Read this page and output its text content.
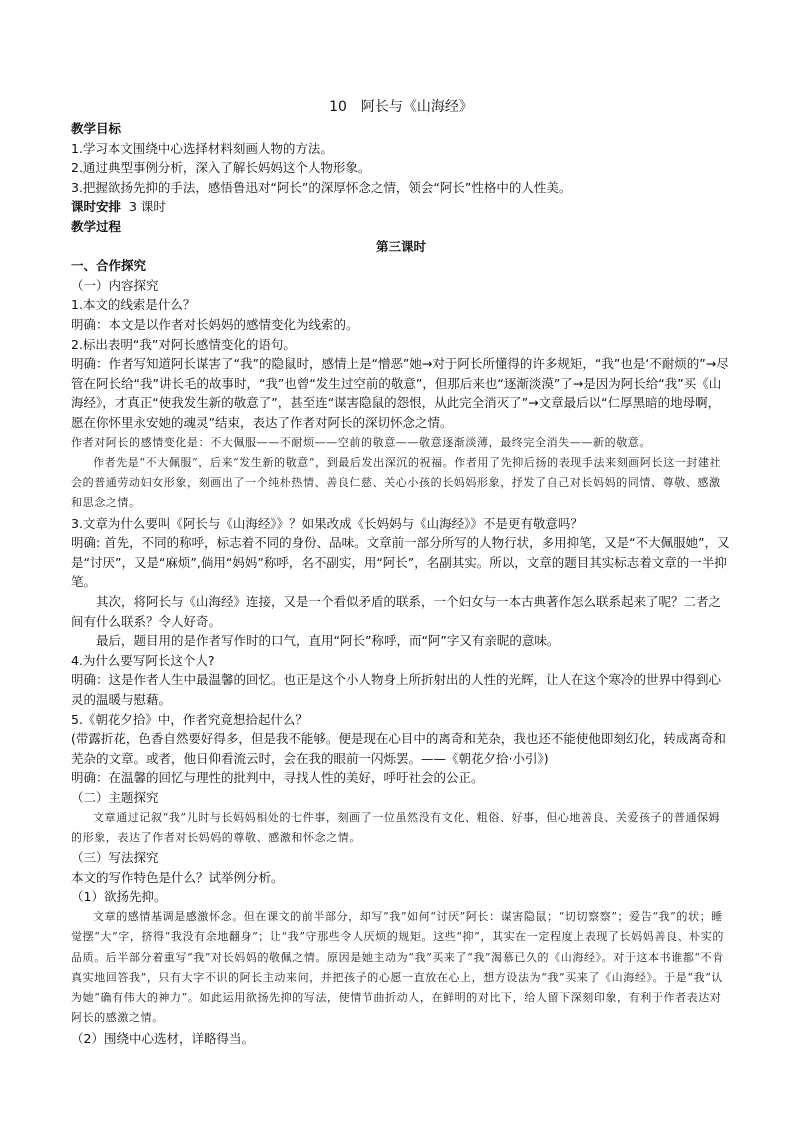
10 阿长与《山海经》

教学目标

1.学习本文围绕中心选择材料刻画人物的方法。

2.通过典型事例分析，深入了解长妈妈这个人物形象。

3.把握欲扬先抑的手法，感悟鲁迅对“阿长”的深厚怀念之情，领会“阿长”性格中的人性美。

课时安排 3 课时

教学过程

第三课时

一、合作探究

（一）内容探究

1.本文的线索是什么？

明确：本文是以作者对长妈妈的感情变化为线索的。

2.标出表明“我”对阿长感情变化的语句。

明确：作者写知道阿长谋害了“我”的隐鼠时，感情上是“憎恶”她→对于阿长所懂得的许多规矩，“我”也是‘不耐烦的”→尽管在阿长给“我”讲长毛的故事时，“我”也曾“发生过空前的敬意”，但那后来也“逐渐淡漠”了→是因为阿长给“我”买《山海经》，才真正“使我发生新的敬意了”，甚至连“谋害隐鼠的怨恨，从此完全消灭了”→文章最后以“仁厚黑暗的地母啊，愿在你怀里永安她的魂灵”结束，表达了作者对阿长的深切怀念之情。

作者对阿长的感情变化是：不大佩服——不耐烦——空前的敬意——敬意逐渐淡薄，最终完全消失——新的敬意。

作者先是“不大佩服”，后来“发生新的敬意”，到最后发出深沉的祝福。作者用了先抑后扬的表现手法来刻画阿长这一封建社会的普通劳动妇女形象，刻画出了一个纯朴热情、善良仁慈、关心小孩的长妈妈形象，抒发了自己对长妈妈的同情、尊敬、感激和思念之情。

3.文章为什么要叫《阿长与《山海经》》？如果改成《长妈妈与《山海经》》不是更有敬意吗？

明确: 首先，不同的称呼，标志着不同的身份、品味。文章前一部分所写的人物行状，多用抑笔，又是“不大佩服她”，又是“讨厌”，又是“麻烦”,倘用“妈妈”称呼，名不副实，用“阿长”，名副其实。所以，文章的题目其实标志着文章的一半抑笔。

其次，将阿长与《山海经》连接，又是一个看似矛盾的联系，一个妇女与一本古典著作怎么联系起来了呢？二者之间有什么联系？令人好奇。

最后，题目用的是作者写作时的口气，直用“阿长”称呼，而“阿”字又有亲昵的意味。

4.为什么要写阿长这个人?

明确：这是作者人生中最温馨的回忆。也正是这个小人物身上所折射出的人性的光辉，让人在这个寒冷的世界中得到心灵的温暖与慰藉。

5.《朝花夕拾》中，作者究竟想拾起什么？

(带露折花，色香自然要好得多，但是我不能够。便是现在心目中的离奇和芜杂，我也还不能使他即刻幻化，转成离奇和芜杂的文章。或者，他日仰看流云时，会在我的眼前一闪烁罢。——《朝花夕拾·小引》)

明确：在温馨的回忆与理性的批判中，寻找人性的美好，呼吁社会的公正。

（二）主题探究

文章通过记叙“我”儿时与长妈妈相处的七件事，刻画了一位虽然没有文化、粗俗、好事，但心地善良、关爱孩子的普通保姆的形象，表达了作者对长妈妈的尊敬、感激和怀念之情。

（三）写法探究

本文的写作特色是什么？试举例分析。

（1）欲扬先抑。

文章的感情基调是感激怀念。但在课文的前半部分，却写“我”如何“讨厌”阿长：谋害隐鼠；“切切察察”；爱告“我”的状；睡觉摆“大”字，挤得“我没有余地翻身”；让“我”守那些令人厌烦的规矩。这些“抑”，其实在一定程度上表现了长妈妈善良、朴实的品质。后半部分着重写“我”对长妈妈的敬佩之情。原因是她主动为“我”买来了“我”渴慕已久的《山海经》。对于这本书谁都“不肯真实地回答我”，只有大字不识的阿长主动来问，并把孩子的心愿一直放在心上，想方设法为“我”买来了《山海经》。于是“我”认为她“确有伟大的神力”。如此运用欲扬先抑的写法，使情节曲折动人，在鲜明的对比下，给人留下深刻印象，有利于作者表达对阿长的感激之情。

（2）围绕中心选材，详略得当。
